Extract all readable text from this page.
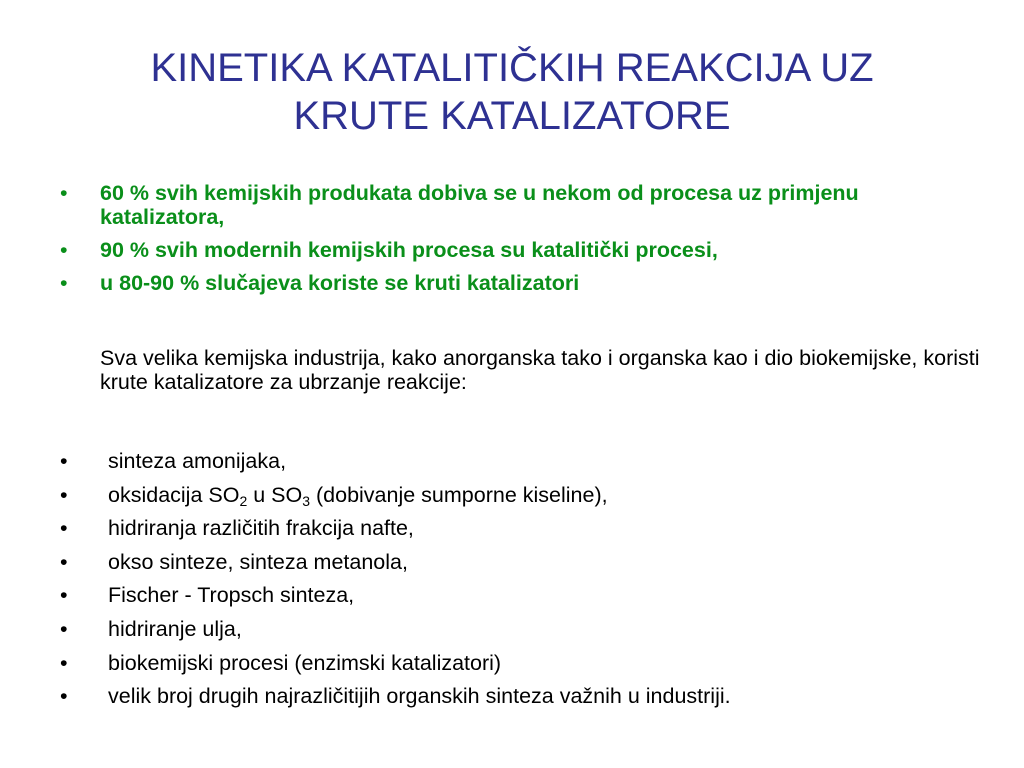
KINETIKA KATALITIČKIH REAKCIJA UZ
KRUTE KATALIZATORE
•	60 % svih kemijskih produkata dobiva se u nekom od procesa uz primjenu katalizatora,
•	90 % svih modernih kemijskih procesa su katalitički procesi,
•	u 80-90 % slučajeva koriste se kruti katalizatori

Sva velika kemijska industrija, kako anorganska tako i organska kao i dio biokemijske, koristi krute katalizatore za ubrzanje reakcije:

•	sinteza amonijaka,
•	oksidacija $SO_2$ u $SO_3$ (dobivanje sumporne kiseline),
•	hidriranja različitih frakcija nafte,
•	okso sinteze, sinteza metanola,
•	Fischer - Tropsch sinteza,
•	hidriranje ulja,
•	biokemijski procesi (enzimski katalizatori)
•	velik broj drugih najrazličitijih organskih sinteza važnih u industriji.
